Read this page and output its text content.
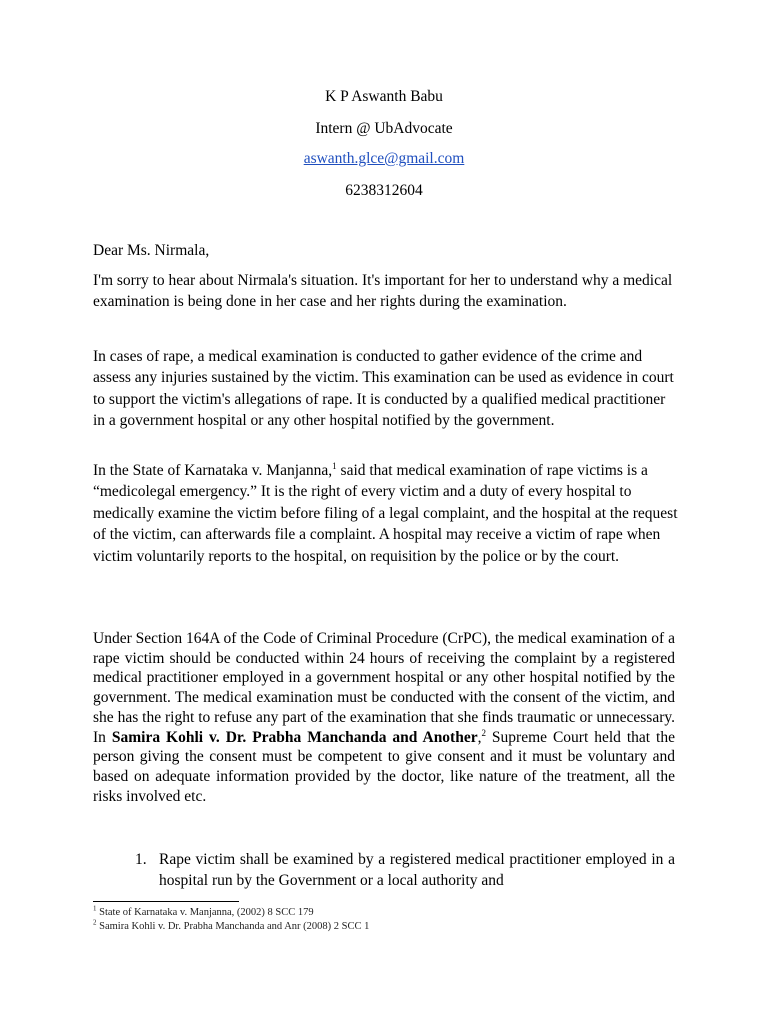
K P Aswanth Babu
Intern @ UbAdvocate
aswanth.glce@gmail.com
6238312604
Dear Ms. Nirmala,
I'm sorry to hear about Nirmala's situation. It's important for her to understand why a medical examination is being done in her case and her rights during the examination.
In cases of rape, a medical examination is conducted to gather evidence of the crime and assess any injuries sustained by the victim. This examination can be used as evidence in court to support the victim's allegations of rape. It is conducted by a qualified medical practitioner in a government hospital or any other hospital notified by the government.
In the State of Karnataka v. Manjanna,$^1$ said that medical examination of rape victims is a “medicolegal emergency.” It is the right of every victim and a duty of every hospital to medically examine the victim before filing of a legal complaint, and the hospital at the request of the victim, can afterwards file a complaint. A hospital may receive a victim of rape when victim voluntarily reports to the hospital, on requisition by the police or by the court.
Under Section 164A of the Code of Criminal Procedure (CrPC), the medical examination of a rape victim should be conducted within 24 hours of receiving the complaint by a registered medical practitioner employed in a government hospital or any other hospital notified by the government. The medical examination must be conducted with the consent of the victim, and she has the right to refuse any part of the examination that she finds traumatic or unnecessary. In Samira Kohli v. Dr. Prabha Manchanda and Another,$^2$ Supreme Court held that the person giving the consent must be competent to give consent and it must be voluntary and based on adequate information provided by the doctor, like nature of the treatment, all the risks involved etc.
1. Rape victim shall be examined by a registered medical practitioner employed in a hospital run by the Government or a local authority and
$^1$ State of Karnataka v. Manjanna, (2002) 8 SCC 179
$^2$ Samira Kohli v. Dr. Prabha Manchanda and Anr (2008) 2 SCC 1
